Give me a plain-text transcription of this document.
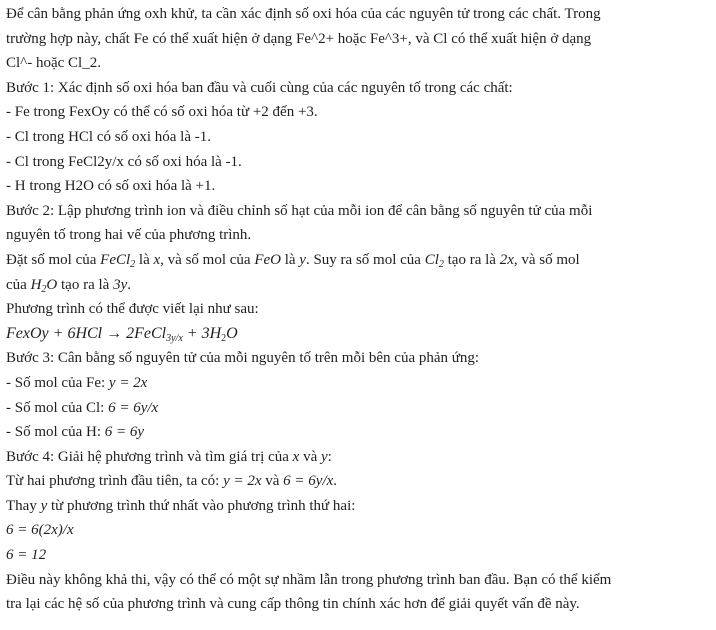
Để cân bằng phản ứng oxh khử, ta cần xác định số oxi hóa của các nguyên tử trong các chất. Trong
trường hợp này, chất Fe có thể xuất hiện ở dạng Fe^2+ hoặc Fe^3+, và Cl có thể xuất hiện ở dạng
Cl^- hoặc Cl_2.
Bước 1: Xác định số oxi hóa ban đầu và cuối cùng của các nguyên tố trong các chất:
- Fe trong FexOy có thể có số oxi hóa từ +2 đến +3.
- Cl trong HCl có số oxi hóa là -1.
- Cl trong FeCl2y/x có số oxi hóa là -1.
- H trong H2O có số oxi hóa là +1.
Bước 2: Lập phương trình ion và điều chỉnh số hạt của mỗi ion để cân bằng số nguyên tử của mỗi
nguyên tố trong hai vế của phương trình.
Đặt số mol của FeCl$_2$ là x, và số mol của FeO là y. Suy ra số mol của $Cl_2$ tạo ra là 2x, và số mol
của $H_2O$ tạo ra là 3y.
Phương trình có thể được viết lại như sau:
FexOy + 6HCl → 2FeCl$_{3y/x}$ + $3H_2O$
Bước 3: Cân bằng số nguyên tử của mỗi nguyên tố trên mỗi bên của phản ứng:
- Số mol của Fe: y = 2x
- Số mol của Cl: 6 = 6y/x
- Số mol của H: 6 = 6y
Bước 4: Giải hệ phương trình và tìm giá trị của x và y:
Từ hai phương trình đầu tiên, ta có: y = 2x và 6 = 6y/x.
Thay y từ phương trình thứ nhất vào phương trình thứ hai:
6 = 6(2x)/x
6 = 12
Điều này không khả thi, vậy có thể có một sự nhầm lẫn trong phương trình ban đầu. Bạn có thể kiểm
tra lại các hệ số của phương trình và cung cấp thông tin chính xác hơn để giải quyết vấn đề này.
